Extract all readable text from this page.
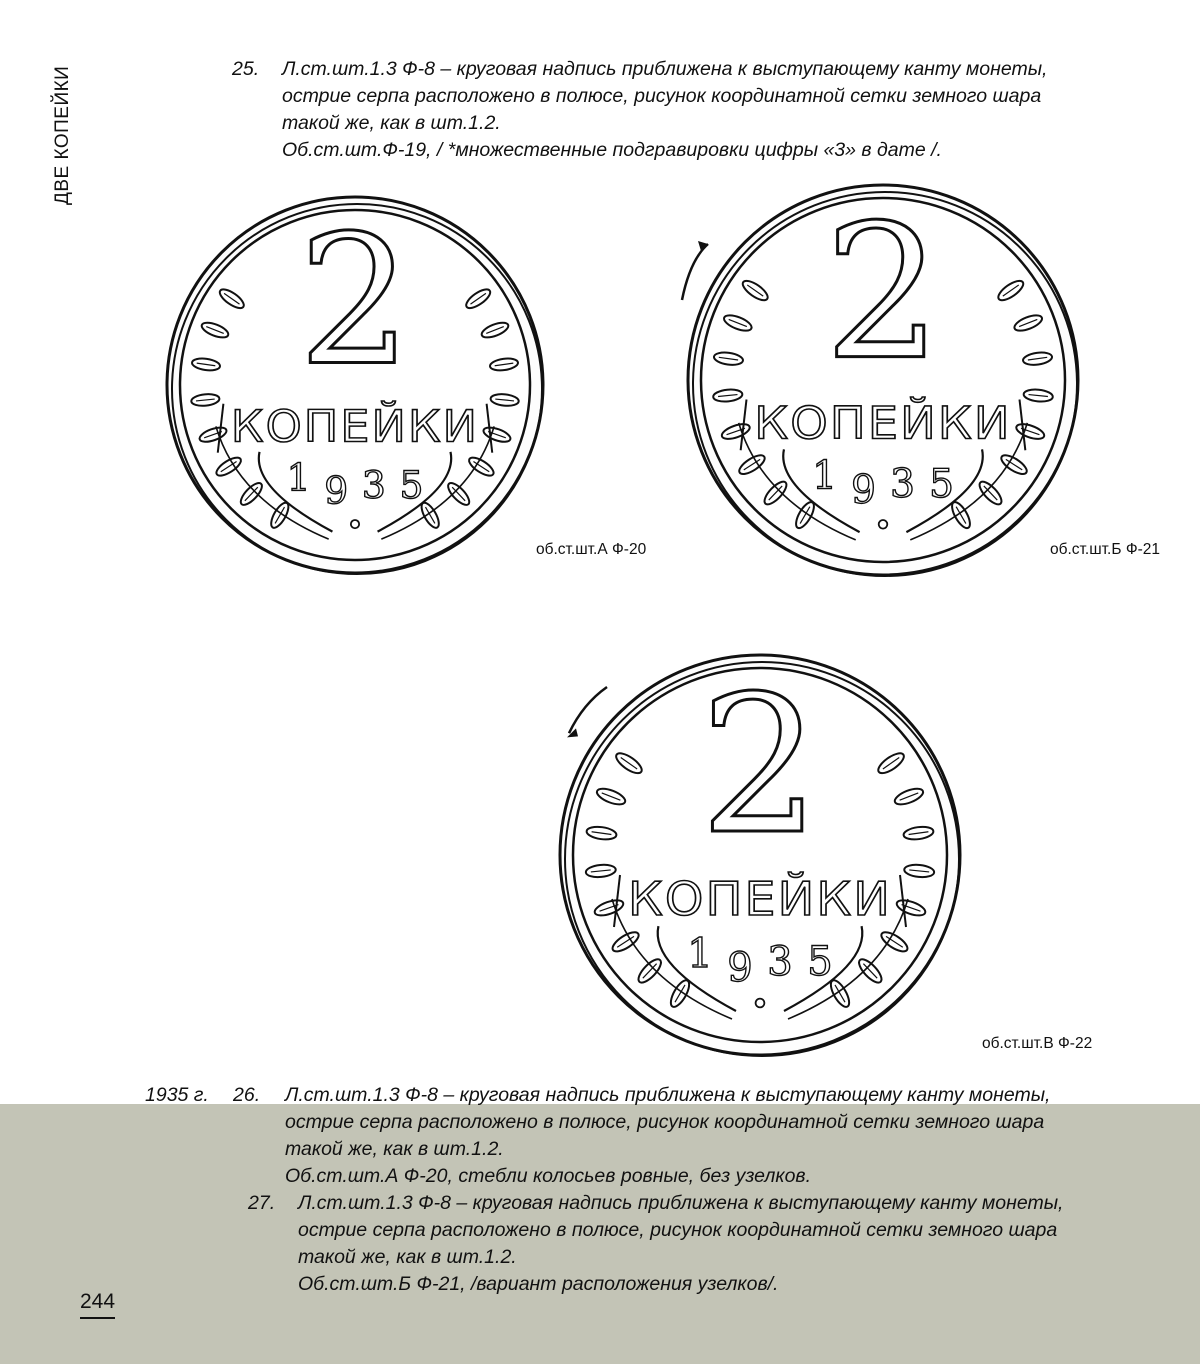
ДВЕ КОПЕЙКИ	25. Л.ст.шт.1.3 Ф-8 – круговая надпись приближена к выступающему канту монеты,
острие серпа расположено в полюсе, рисунок координатной сетки земного шара
такой же, как в шт.1.2.
Об.ст.шт.Ф-19, / *множественные подгравировки цифры «3» в дате /.
2
КОПЕЙКИ
1 9 3 5
об.ст.шт.А Ф-20
2
КОПЕЙКИ
1 9 3 5
об.ст.шт.Б Ф-21
2
КОПЕЙКИ
1 9 3 5
об.ст.шт.В Ф-22
1935 г. 26. Л.ст.шт.1.3 Ф-8 – круговая надпись приближена к выступающему канту монеты,
острие серпа расположено в полюсе, рисунок координатной сетки земного шара
такой же, как в шт.1.2.
Об.ст.шт.А Ф-20, стебли колосьев ровные, без узелков.
27. Л.ст.шт.1.3 Ф-8 – круговая надпись приближена к выступающему канту монеты,
острие серпа расположено в полюсе, рисунок координатной сетки земного шара
такой же, как в шт.1.2.
Об.ст.шт.Б Ф-21, /вариант расположения узелков/.
244
